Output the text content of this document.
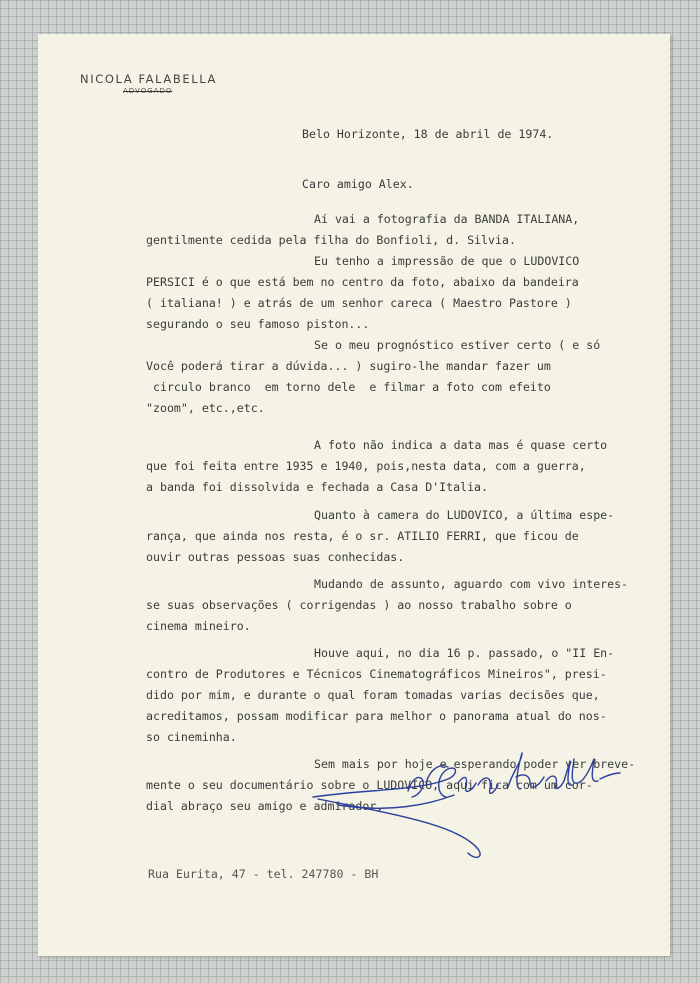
NICOLA FALABELLA
ADVOGADO
Belo Horizonte, 18 de abril de 1974.
Caro amigo Alex.
Aí vai a fotografia da BANDA ITALIANA,
gentilmente cedida pela filha do Bonfioli, d. Silvia.
Eu tenho a impressão de que o LUDOVICO
PERSICI é o que está bem no centro da foto, abaixo da bandeira
( italiana! ) e atrás de um senhor careca ( Maestro Pastore )
segurando o seu famoso piston...
Se o meu prognóstico estiver certo ( e só
Você poderá tirar a dúvida... ) sugiro-lhe mandar fazer um
circulo branco  em torno dele  e filmar a foto com efeito
"zoom", etc.,etc.
A foto não indica a data mas é quase certo
que foi feita entre 1935 e 1940, pois,nesta data, com a guerra,
a banda foi dissolvida e fechada a Casa D'Italia.
Quanto à camera do LUDOVICO, a última espe-
rança, que ainda nos resta, é o sr. ATILIO FERRI, que ficou de
ouvir outras pessoas suas conhecidas.
Mudando de assunto, aguardo com vivo interes-
se suas observações ( corrigendas ) ao nosso trabalho sobre o
cinema mineiro.
Houve aqui, no dia 16 p. passado, o "II En-
contro de Produtores e Técnicos Cinematográficos Mineiros", presi-
dido por mim, e durante o qual foram tomadas varias decisões que,
acreditamos, possam modificar para melhor o panorama atual do nos-
so cineminha.
Sem mais por hoje e esperando poder ver breve-
mente o seu documentário sobre o LUDOVICO, aqui fica com um cor-
dial abraço seu amigo e admirador,
Rua Eurita, 47 - tel. 247780 - BH
